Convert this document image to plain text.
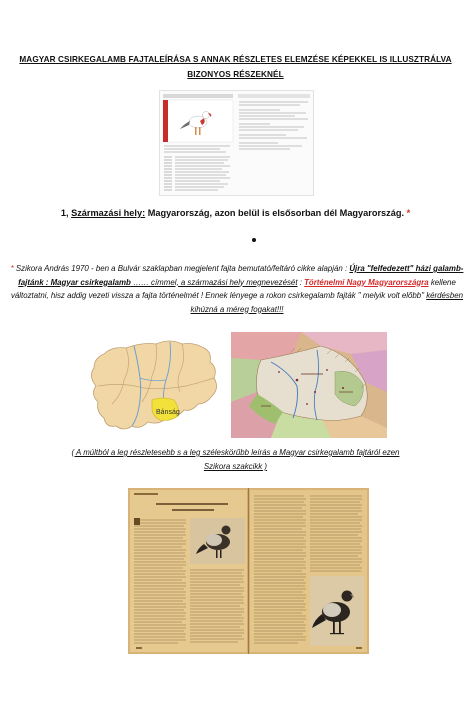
MAGYAR CSIRKEGALAMB FAJTALEÍRÁSA S ANNAK RÉSZLETES ELEMZÉSE KÉPEKKEL IS ILLUSZTRÁLVA
BIZONYOS RÉSZEKNÉL
1, Származási hely: Magyarország, azon belül is elsősorban dél Magyarország. *
* Szikora András 1970 - ben a Bulvár szaklapban megjelent fajta bemutató/feltáró cikke alapján : Újra "felfedezett" házi galamb-fajtánk : Magyar csirkegalamb …… címmel, a származási hely megnevezését : Történelmi Nagy Magyarországra kellene változtatni, hisz addig vezeti vissza a fajta történelmét ! Ennek lényege a rokon csirkegalamb fajták " melyik volt előbb" kérdésben kihúzná a méreg fogakat!!!
Bánság
( A múltból a leg részletesebb s a leg széleskörűbb leírás a Magyar csirkegalamb fajtáról ezen
Szikora szakcikk )
